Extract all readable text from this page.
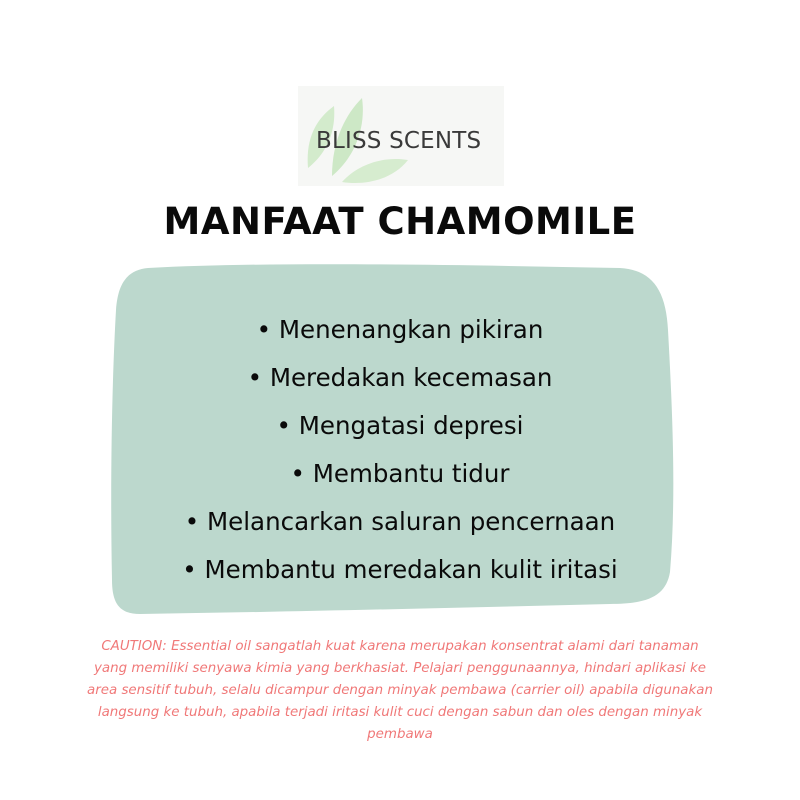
BLISS SCENTS
MANFAAT CHAMOMILE
• Menenangkan pikiran
• Meredakan kecemasan
• Mengatasi depresi
• Membantu tidur
• Melancarkan saluran pencernaan
• Membantu meredakan kulit iritasi

CAUTION: Essential oil sangatlah kuat karena merupakan konsentrat alami dari tanaman yang memiliki senyawa kimia yang berkhasiat. Pelajari penggunaannya, hindari aplikasi ke area sensitif tubuh, selalu dicampur dengan minyak pembawa (carrier oil) apabila digunakan langsung ke tubuh, apabila terjadi iritasi kulit cuci dengan sabun dan oles dengan minyak pembawa
